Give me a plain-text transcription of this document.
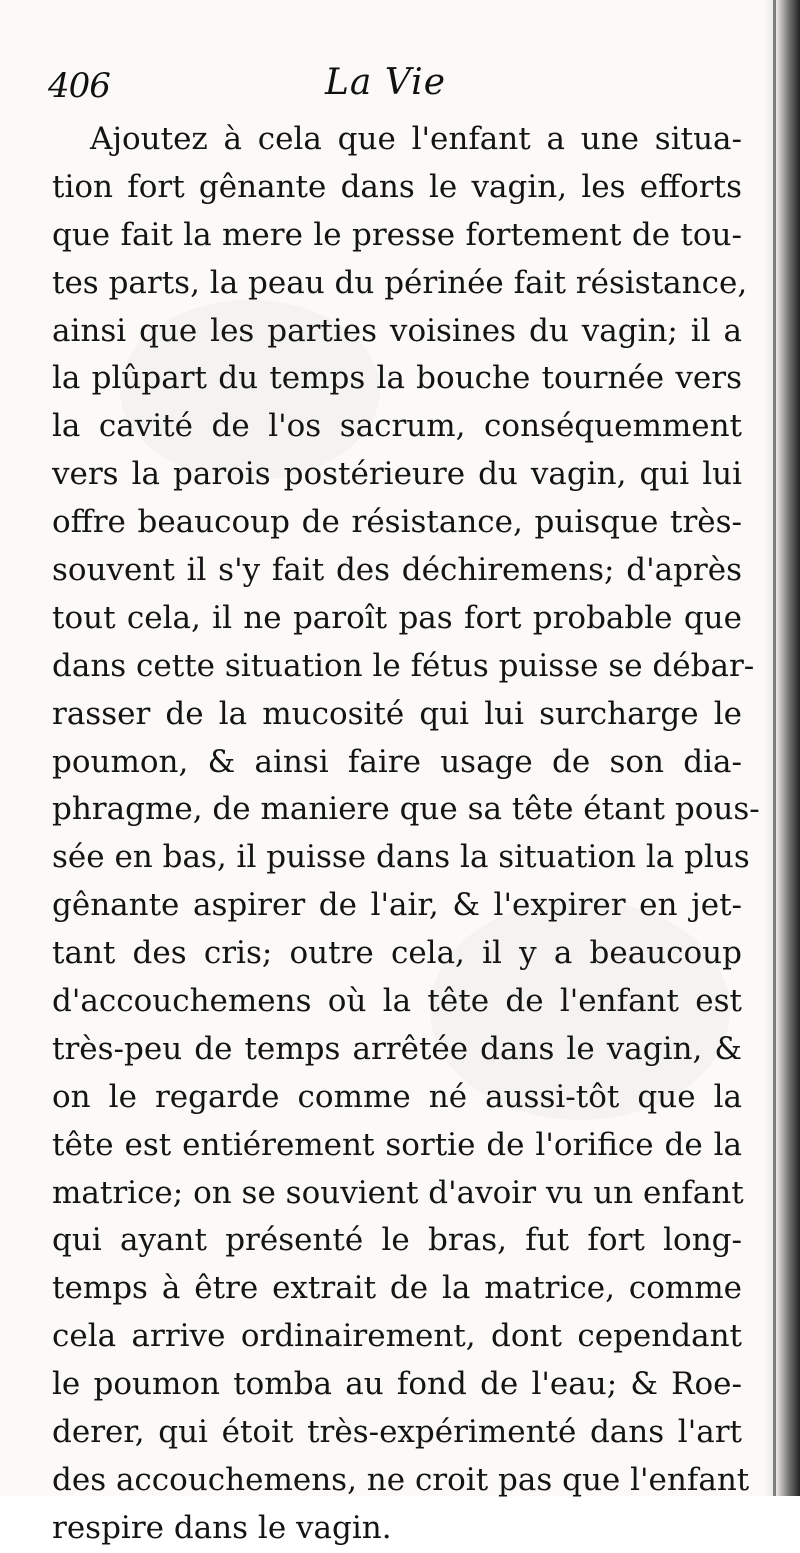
406	La Vie
Ajoutez à cela que l'enfant a une situa-
tion fort gênante dans le vagin, les efforts
que fait la mere le presse fortement de tou-
tes parts, la peau du périnée fait résistance,
ainsi que les parties voisines du vagin; il a
la plûpart du temps la bouche tournée vers
la cavité de l'os sacrum, conséquemment
vers la parois postérieure du vagin, qui lui
offre beaucoup de résistance, puisque très-
souvent il s'y fait des déchiremens; d'après
tout cela, il ne paroît pas fort probable que
dans cette situation le fétus puisse se débar-
rasser de la mucosité qui lui surcharge le
poumon, & ainsi faire usage de son dia-
phragme, de maniere que sa tête étant pous-
sée en bas, il puisse dans la situation la plus
gênante aspirer de l'air, & l'expirer en jet-
tant des cris; outre cela, il y a beaucoup
d'accouchemens où la tête de l'enfant est
très-peu de temps arrêtée dans le vagin, &
on le regarde comme né aussi-tôt que la
tête est entiérement sortie de l'orifice de la
matrice; on se souvient d'avoir vu un enfant
qui ayant présenté le bras, fut fort long-
temps à être extrait de la matrice, comme
cela arrive ordinairement, dont cependant
le poumon tomba au fond de l'eau; & Roe-
derer, qui étoit très-expérimenté dans l'art
des accouchemens, ne croit pas que l'enfant
respire dans le vagin.
